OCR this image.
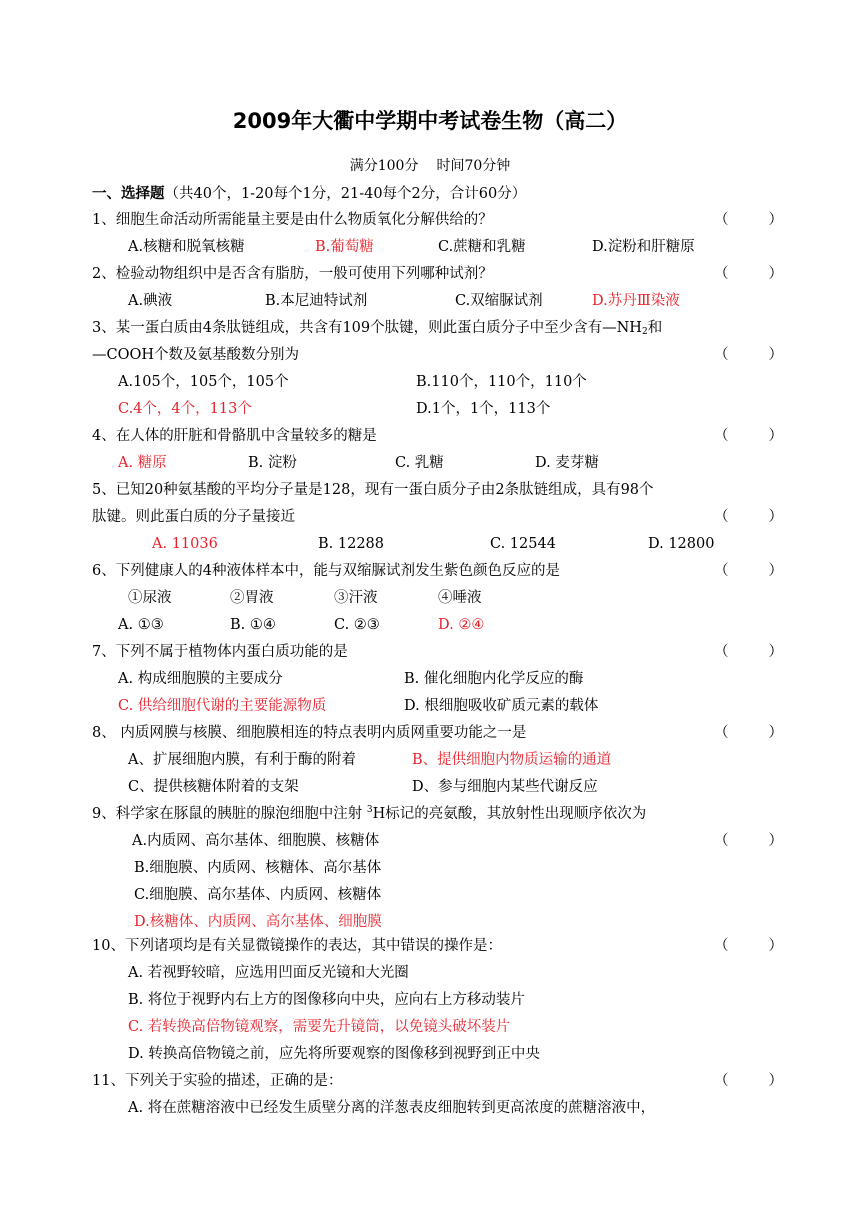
2009年大衢中学期中考试卷生物（高二）
满分100分 时间70分钟
一、选择题（共40个，1-20每个1分，21-40每个2分，合计60分）
1、细胞生命活动所需能量主要是由什么物质氧化分解供给的？	（	）
A.核糖和脱氧核糖	B.葡萄糖	C.蔗糖和乳糖	D.淀粉和肝糖原
2、检验动物组织中是否含有脂肪，一般可使用下列哪种试剂？	（	）
A.碘液	B.本尼迪特试剂	C.双缩脲试剂	D.苏丹Ⅲ染液
3、某一蛋白质由4条肽链组成，共含有109个肽键，则此蛋白质分子中至少含有$—NH_2$和
—COOH个数及氨基酸数分别为	（	）
A.105个，105个，105个	B.110个，110个，110个
C.4个，4个，113个	D.1个，1个，113个
4、在人体的肝脏和骨骼肌中含量较多的糖是	（	）
A. 糖原	B. 淀粉	C. 乳糖	D. 麦芽糖
5、已知20种氨基酸的平均分子量是128，现有一蛋白质分子由2条肽链组成，具有98个
肽键。则此蛋白质的分子量接近	（	）
A. 11036	B. 12288	C. 12544	D. 12800
6、下列健康人的4种液体样本中，能与双缩脲试剂发生紫色颜色反应的是	（	）
①尿液	②胃液	③汗液	④唾液
A. ①③	B. ①④	C. ②③	D. ②④
7、下列不属于植物体内蛋白质功能的是	（	）
A. 构成细胞膜的主要成分	B. 催化细胞内化学反应的酶
C. 供给细胞代谢的主要能源物质	D. 根细胞吸收矿质元素的载体
8、 内质网膜与核膜、细胞膜相连的特点表明内质网重要功能之一是	（	）
A、扩展细胞内膜，有利于酶的附着	B、提供细胞内物质运输的通道
C、提供核糖体附着的支架	D、参与细胞内某些代谢反应
9、科学家在豚鼠的胰脏的腺泡细胞中注射 $^3$H标记的亮氨酸，其放射性出现顺序依次为
A.内质网、高尔基体、细胞膜、核糖体	（	）
B.细胞膜、内质网、核糖体、高尔基体
C.细胞膜、高尔基体、内质网、核糖体
D.核糖体、内质网、高尔基体、细胞膜
10、下列诸项均是有关显微镜操作的表达，其中错误的操作是：	（	）
A. 若视野较暗，应选用凹面反光镜和大光圈
B. 将位于视野内右上方的图像移向中央，应向右上方移动装片
C. 若转换高倍物镜观察，需要先升镜筒，以免镜头破坏装片
D. 转换高倍物镜之前，应先将所要观察的图像移到视野到正中央
11、下列关于实验的描述，正确的是：	（	）
A. 将在蔗糖溶液中已经发生质壁分离的洋葱表皮细胞转到更高浓度的蔗糖溶液中，
